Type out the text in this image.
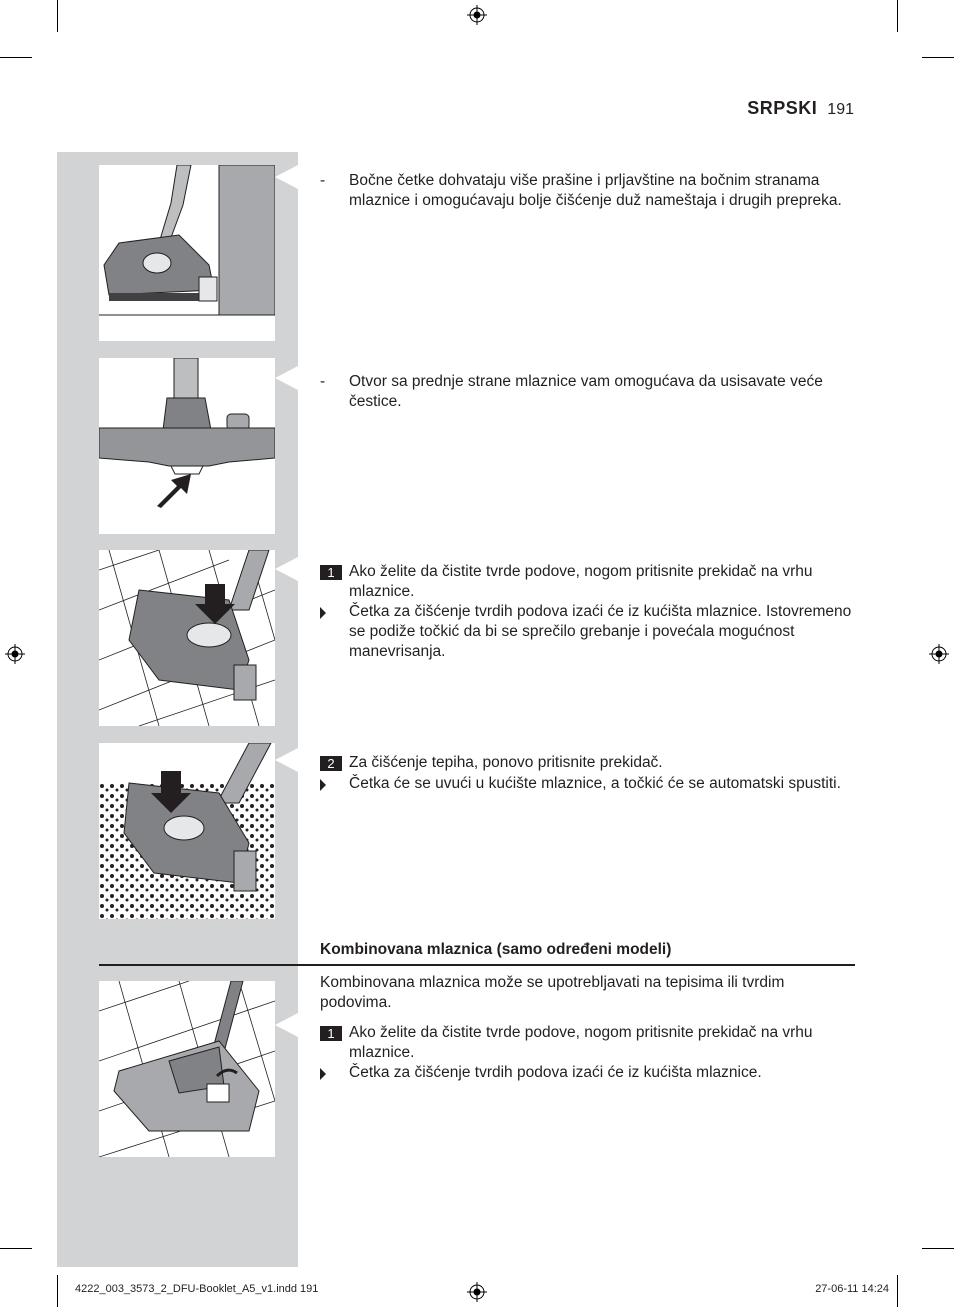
SRPSKI 191
-	Bočne četke dohvataju više prašine i prljavštine na bočnim stranama mlaznice i omogućavaju bolje čišćenje duž nameštaja i drugih prepreka.
-	Otvor sa prednje strane mlaznice vam omogućava da usisavate veće čestice.
1 Ako želite da čistite tvrde podove, nogom pritisnite prekidač na vrhu mlaznice.
Četka za čišćenje tvrdih podova izaći će iz kućišta mlaznice. Istovremeno se podiže točkić da bi se sprečilo grebanje i povećala mogućnost manevrisanja.
2 Za čišćenje tepiha, ponovo pritisnite prekidač.
Četka će se uvući u kućište mlaznice, a točkić će se automatski spustiti.
Kombinovana mlaznica (samo određeni modeli)
Kombinovana mlaznica može se upotrebljavati na tepisima ili tvrdim podovima.
1 Ako želite da čistite tvrde podove, nogom pritisnite prekidač na vrhu mlaznice.
Četka za čišćenje tvrdih podova izaći će iz kućišta mlaznice.
4222_003_3573_2_DFU-Booklet_A5_v1.indd 191	27-06-11 14:24
